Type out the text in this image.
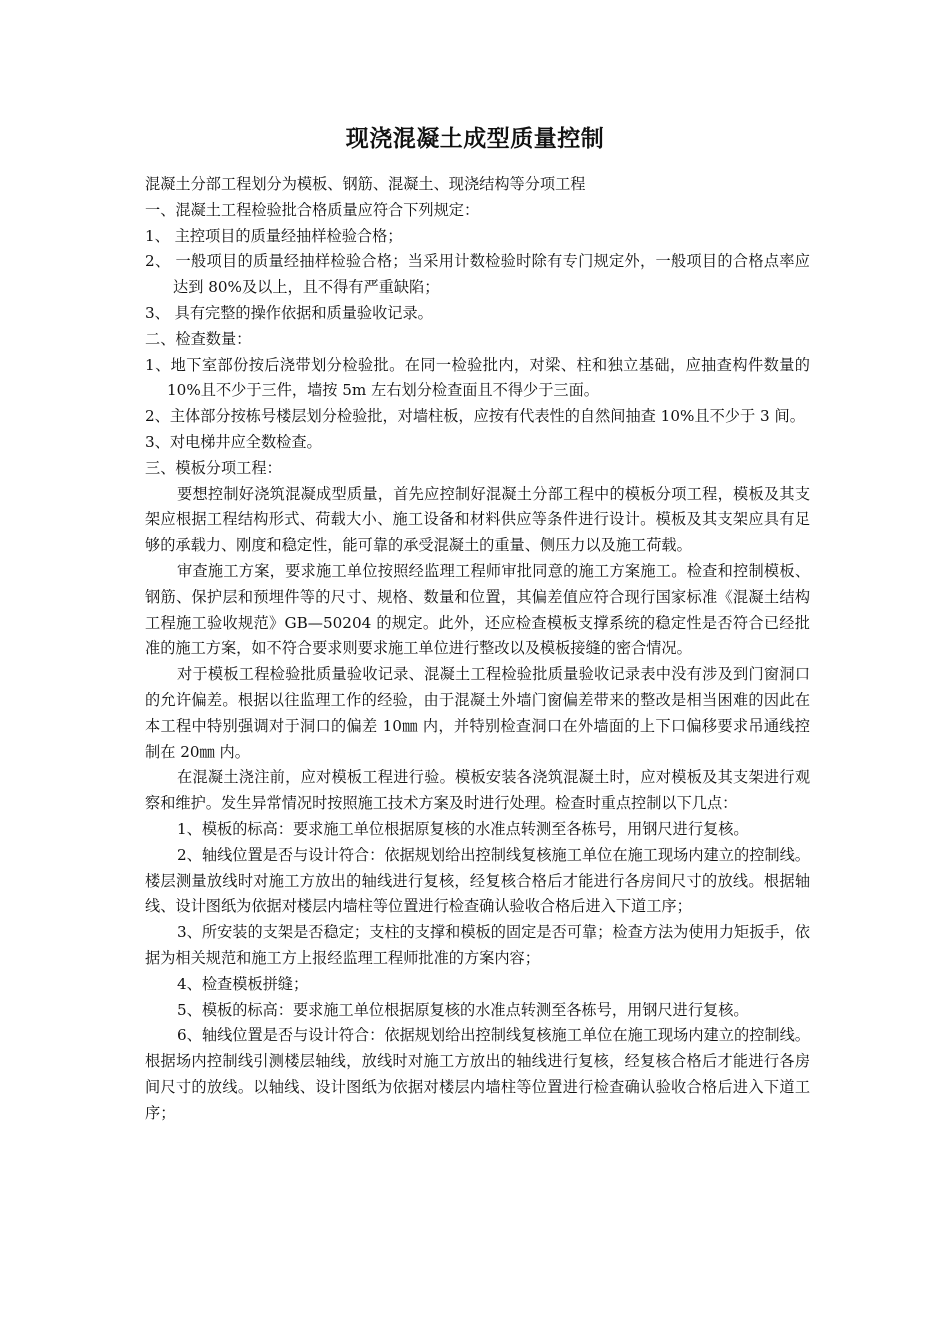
现浇混凝土成型质量控制

混凝土分部工程划分为模板、钢筋、混凝土、现浇结构等分项工程

一、混凝土工程检验批合格质量应符合下列规定：

1、 主控项目的质量经抽样检验合格；

2、 一般项目的质量经抽样检验合格；当采用计数检验时除有专门规定外，一般项目的合格点率应达到 80%及以上，且不得有严重缺陷；

3、 具有完整的操作依据和质量验收记录。

二、检查数量：

1、地下室部份按后浇带划分检验批。在同一检验批内，对梁、柱和独立基础，应抽查构件数量的 10%且不少于三件，墙按 5m 左右划分检查面且不得少于三面。

2、主体部分按栋号楼层划分检验批，对墙柱板，应按有代表性的自然间抽查 10%且不少于 3 间。

3、对电梯井应全数检查。

三、模板分项工程：

要想控制好浇筑混凝成型质量，首先应控制好混凝土分部工程中的模板分项工程，模板及其支架应根据工程结构形式、荷载大小、施工设备和材料供应等条件进行设计。模板及其支架应具有足够的承载力、刚度和稳定性，能可靠的承受混凝土的重量、侧压力以及施工荷载。

审查施工方案，要求施工单位按照经监理工程师审批同意的施工方案施工。检查和控制模板、钢筋、保护层和预埋件等的尺寸、规格、数量和位置，其偏差值应符合现行国家标准《混凝土结构工程施工验收规范》GB—50204 的规定。此外，还应检查模板支撑系统的稳定性是否符合已经批准的施工方案，如不符合要求则要求施工单位进行整改以及模板接缝的密合情况。

对于模板工程检验批质量验收记录、混凝土工程检验批质量验收记录表中没有涉及到门窗洞口的允许偏差。根据以往监理工作的经验，由于混凝土外墙门窗偏差带来的整改是相当困难的因此在本工程中特别强调对于洞口的偏差 10㎜ 内，并特别检查洞口在外墙面的上下口偏移要求吊通线控制在 20㎜ 内。

在混凝土浇注前，应对模板工程进行验。模板安装各浇筑混凝土时，应对模板及其支架进行观察和维护。发生异常情况时按照施工技术方案及时进行处理。检查时重点控制以下几点：

1、模板的标高：要求施工单位根据原复核的水准点转测至各栋号，用钢尺进行复核。

2、轴线位置是否与设计符合：依据规划给出控制线复核施工单位在施工现场内建立的控制线。楼层测量放线时对施工方放出的轴线进行复核，经复核合格后才能进行各房间尺寸的放线。根据轴线、设计图纸为依据对楼层内墙柱等位置进行检查确认验收合格后进入下道工序；

3、所安装的支架是否稳定；支柱的支撑和模板的固定是否可靠；检查方法为使用力矩扳手，依据为相关规范和施工方上报经监理工程师批准的方案内容；

4、检查模板拼缝；

5、模板的标高：要求施工单位根据原复核的水准点转测至各栋号，用钢尺进行复核。

6、轴线位置是否与设计符合：依据规划给出控制线复核施工单位在施工现场内建立的控制线。根据场内控制线引测楼层轴线，放线时对施工方放出的轴线进行复核，经复核合格后才能进行各房间尺寸的放线。以轴线、设计图纸为依据对楼层内墙柱等位置进行检查确认验收合格后进入下道工序；
